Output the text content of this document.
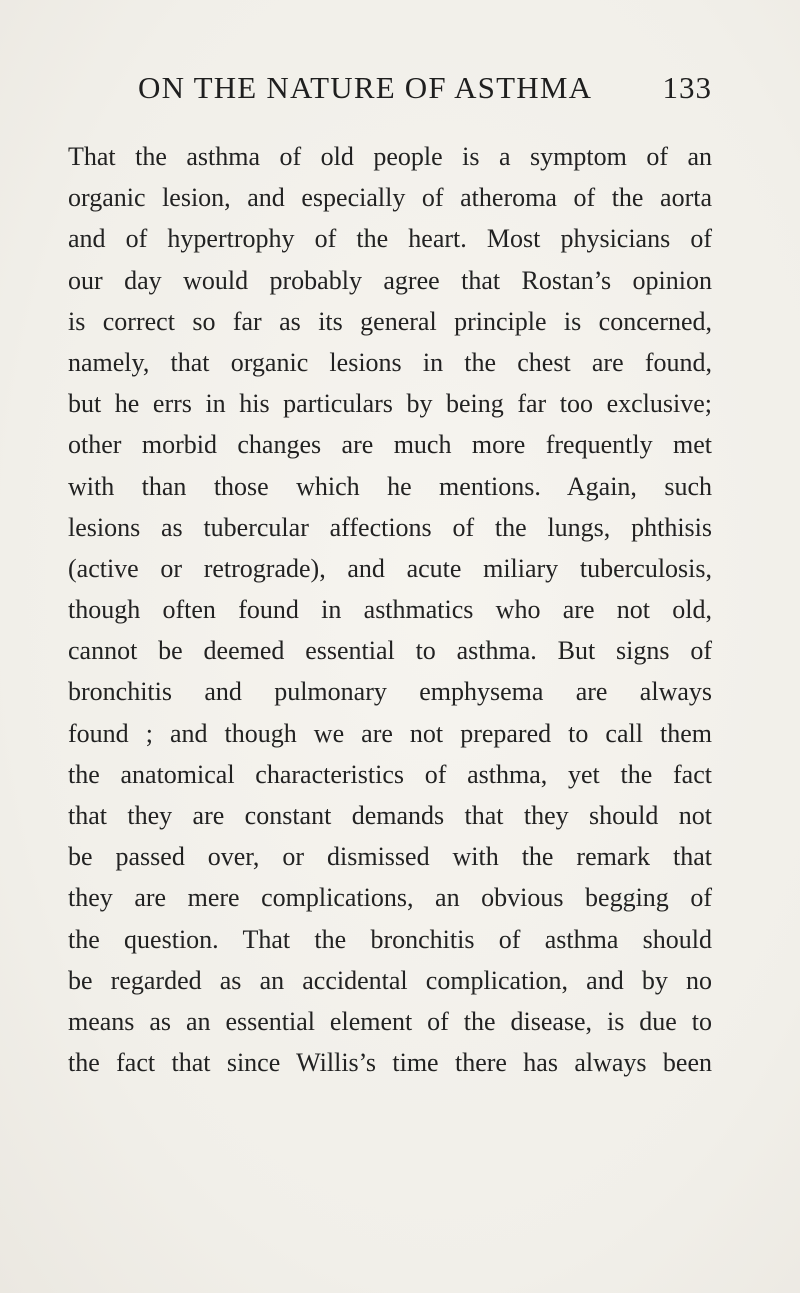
ON THE NATURE OF ASTHMA 133
That the asthma of old people is a symptom of an
organic lesion, and especially of atheroma of the aorta
and of hypertrophy of the heart. Most physicians of
our day would probably agree that Rostan’s opinion
is correct so far as its general principle is concerned,
namely, that organic lesions in the chest are found,
but he errs in his particulars by being far too exclusive;
other morbid changes are much more frequently met
with than those which he mentions. Again, such
lesions as tubercular affections of the lungs, phthisis
(active or retrograde), and acute miliary tuberculosis,
though often found in asthmatics who are not old,
cannot be deemed essential to asthma. But signs of
bronchitis and pulmonary emphysema are always
found ; and though we are not prepared to call them
the anatomical characteristics of asthma, yet the fact
that they are constant demands that they should not
be passed over, or dismissed with the remark that
they are mere complications, an obvious begging of
the question. That the bronchitis of asthma should
be regarded as an accidental complication, and by no
means as an essential element of the disease, is due to
the fact that since Willis’s time there has always been
